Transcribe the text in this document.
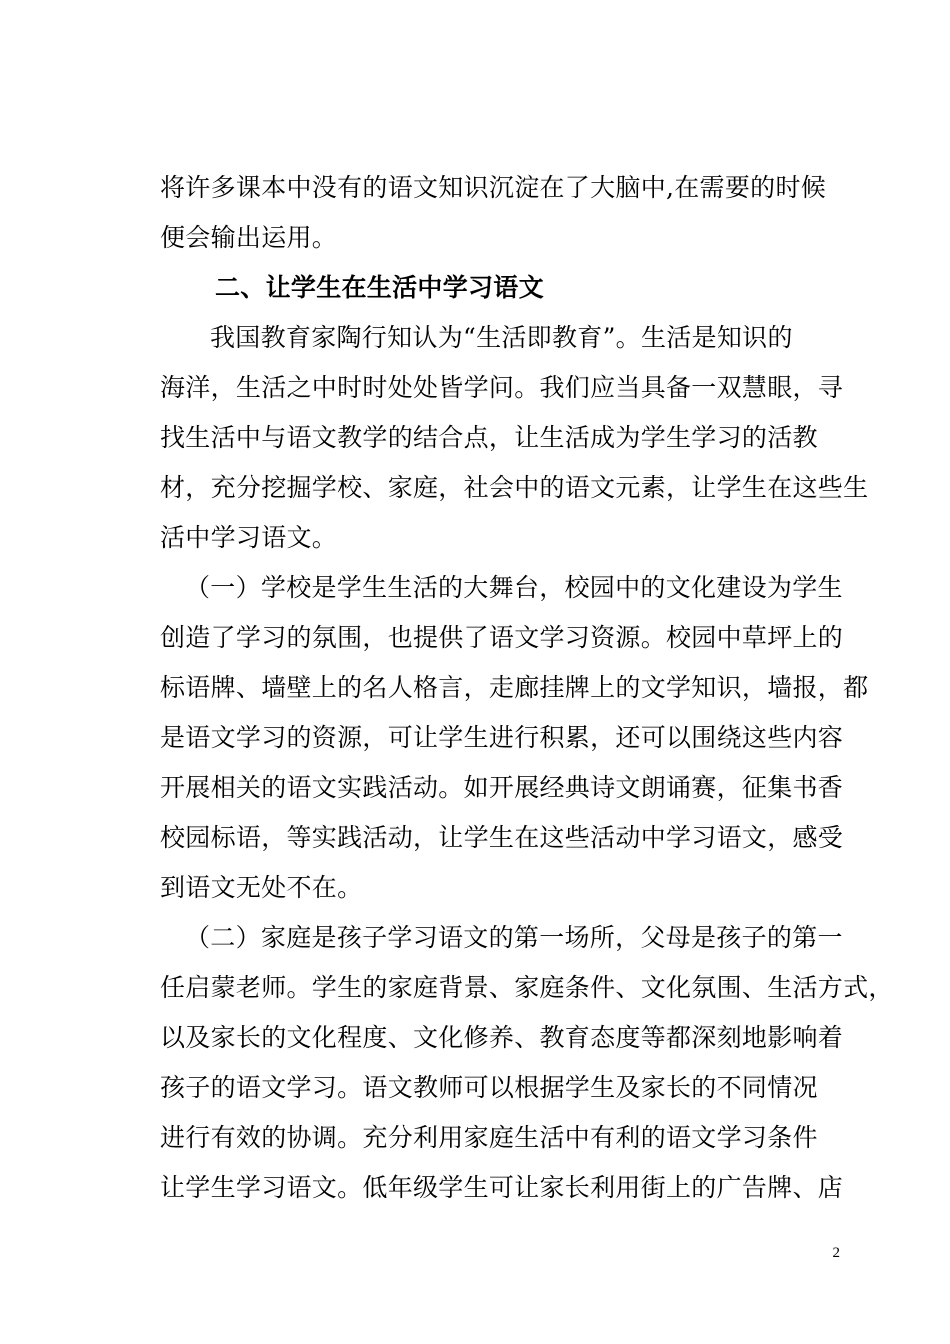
将许多课本中没有的语文知识沉淀在了大脑中,在需要的时候
便会输出运用。
二、让学生在生活中学习语文
我国教育家陶行知认为“生活即教育”。生活是知识的
海洋，生活之中时时处处皆学问。我们应当具备一双慧眼，寻
找生活中与语文教学的结合点，让生活成为学生学习的活教
材，充分挖掘学校、家庭，社会中的语文元素，让学生在这些生
活中学习语文。
（一）学校是学生生活的大舞台，校园中的文化建设为学生
创造了学习的氛围，也提供了语文学习资源。校园中草坪上的
标语牌、墙壁上的名人格言，走廊挂牌上的文学知识，墙报，都
是语文学习的资源，可让学生进行积累，还可以围绕这些内容
开展相关的语文实践活动。如开展经典诗文朗诵赛，征集书香
校园标语，等实践活动，让学生在这些活动中学习语文，感受
到语文无处不在。
（二）家庭是孩子学习语文的第一场所，父母是孩子的第一
任启蒙老师。学生的家庭背景、家庭条件、文化氛围、生活方式，
以及家长的文化程度、文化修养、教育态度等都深刻地影响着
孩子的语文学习。语文教师可以根据学生及家长的不同情况
进行有效的协调。充分利用家庭生活中有利的语文学习条件
让学生学习语文。低年级学生可让家长利用街上的广告牌、店
2
